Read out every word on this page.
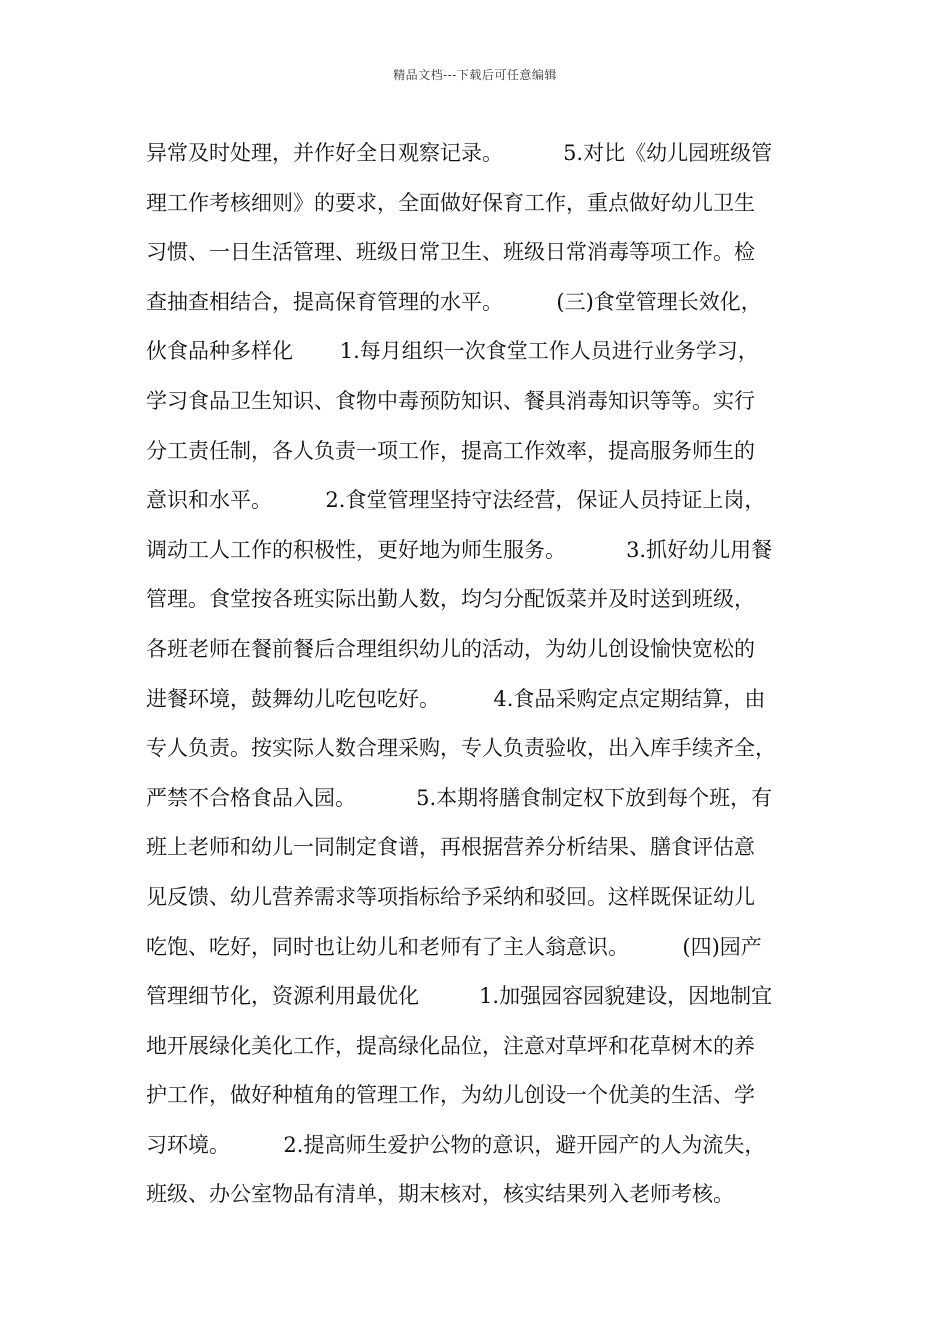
精品文档---下载后可任意编辑
异常及时处理，并作好全日观察记录。         5.对比《幼儿园班级管
理工作考核细则》的要求，全面做好保育工作，重点做好幼儿卫生
习惯、一日生活管理、班级日常卫生、班级日常消毒等项工作。检
查抽查相结合，提高保育管理的水平。        (三)食堂管理长效化，
伙食品种多样化       1.每月组织一次食堂工作人员进行业务学习，
学习食品卫生知识、食物中毒预防知识、餐具消毒知识等等。实行
分工责任制，各人负责一项工作，提高工作效率，提高服务师生的
意识和水平。        2.食堂管理坚持守法经营，保证人员持证上岗，
调动工人工作的积极性，更好地为师生服务。         3.抓好幼儿用餐
管理。食堂按各班实际出勤人数，均匀分配饭菜并及时送到班级，
各班老师在餐前餐后合理组织幼儿的活动，为幼儿创设愉快宽松的
进餐环境，鼓舞幼儿吃包吃好。        4.食品采购定点定期结算，由
专人负责。按实际人数合理采购，专人负责验收，出入库手续齐全，
严禁不合格食品入园。         5.本期将膳食制定权下放到每个班，有
班上老师和幼儿一同制定食谱，再根据营养分析结果、膳食评估意
见反馈、幼儿营养需求等项指标给予采纳和驳回。这样既保证幼儿
吃饱、吃好，同时也让幼儿和老师有了主人翁意识。        (四)园产
管理细节化，资源利用最优化         1.加强园容园貌建设，因地制宜
地开展绿化美化工作，提高绿化品位，注意对草坪和花草树木的养
护工作，做好种植角的管理工作，为幼儿创设一个优美的生活、学
习环境。        2.提高师生爱护公物的意识，避开园产的人为流失，
班级、办公室物品有清单，期末核对，核实结果列入老师考核。
